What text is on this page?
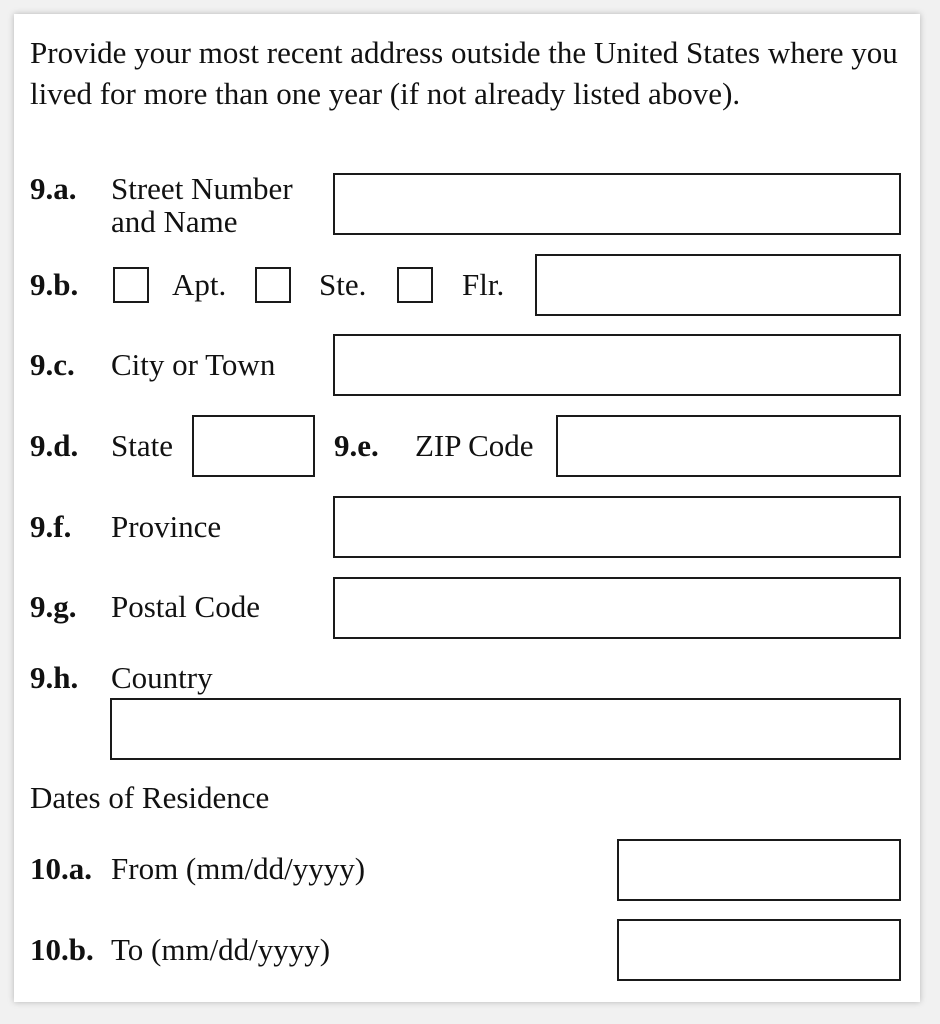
Provide your most recent address outside the United States where you lived for more than one year (if not already listed above).
9.a. Street Number
and Name
9.b.	Apt.	Ste.	Flr.
9.c. City or Town
9.d. State	9.e. ZIP Code
9.f. Province
9.g. Postal Code
9.h. Country
Dates of Residence
10.a. From (mm/dd/yyyy)
10.b. To (mm/dd/yyyy)
